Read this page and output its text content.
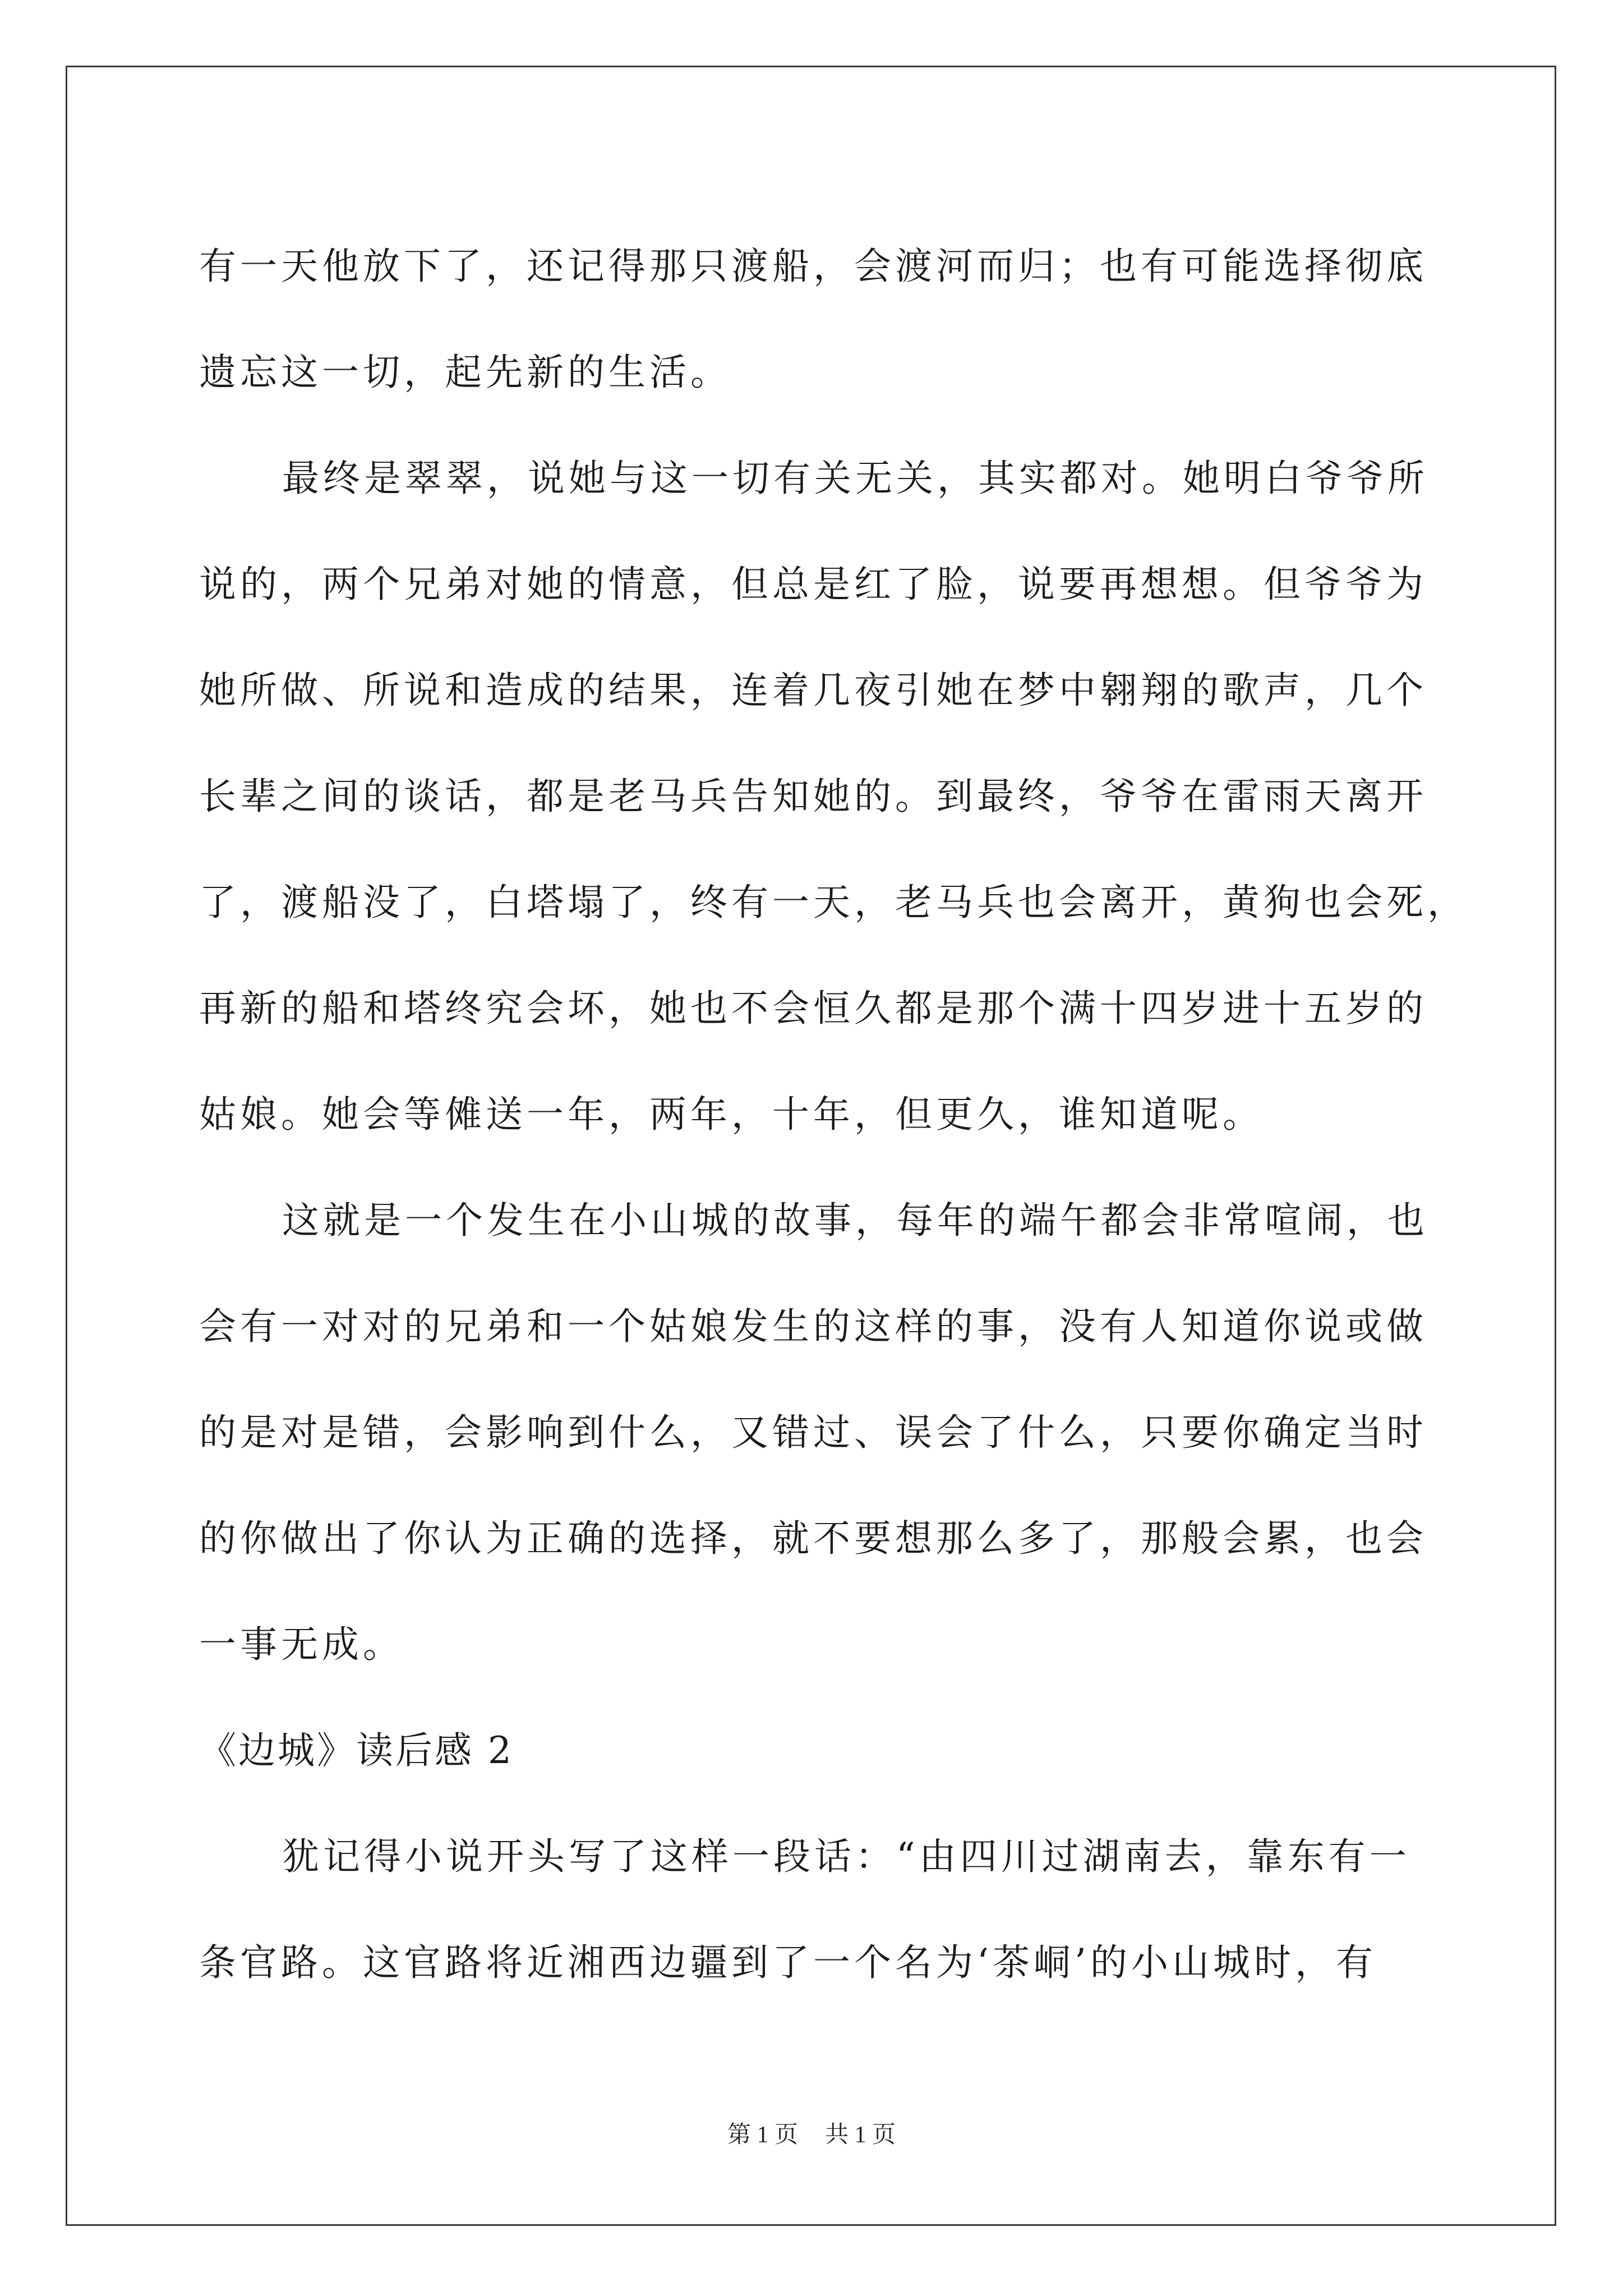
有一天他放下了，还记得那只渡船，会渡河而归；也有可能选择彻底
遗忘这一切，起先新的生活。
最终是翠翠，说她与这一切有关无关，其实都对。她明白爷爷所
说的，两个兄弟对她的情意，但总是红了脸，说要再想想。但爷爷为
她所做、所说和造成的结果，连着几夜引她在梦中翱翔的歌声，几个
长辈之间的谈话，都是老马兵告知她的。到最终，爷爷在雷雨天离开
了，渡船没了，白塔塌了，终有一天，老马兵也会离开，黄狗也会死，
再新的船和塔终究会坏，她也不会恒久都是那个满十四岁进十五岁的
姑娘。她会等傩送一年，两年，十年，但更久，谁知道呢。
这就是一个发生在小山城的故事，每年的端午都会非常喧闹，也
会有一对对的兄弟和一个姑娘发生的这样的事，没有人知道你说或做
的是对是错，会影响到什么，又错过、误会了什么，只要你确定当时
的你做出了你认为正确的选择，就不要想那么多了，那般会累，也会
一事无成。
《边城》读后感 2
犹记得小说开头写了这样一段话：“由四川过湖南去，靠东有一
条官路。这官路将近湘西边疆到了一个名为‘茶峒’的小山城时，有
第 1 页 共 1 页
